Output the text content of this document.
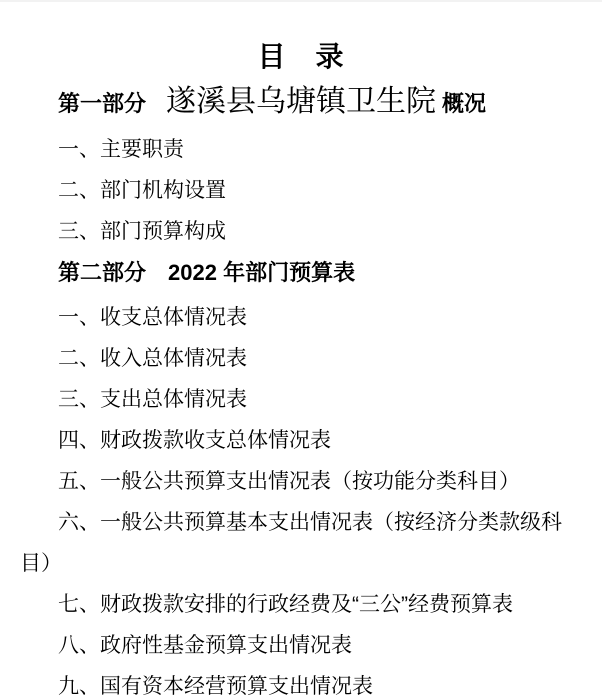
目　录

第一部分 遂溪县乌塘镇卫生院 概况

一、主要职责

二、部门机构设置

三、部门预算构成

第二部分 2022 年部门预算表

一、收支总体情况表

二、收入总体情况表

三、支出总体情况表

四、财政拨款收支总体情况表

五、一般公共预算支出情况表（按功能分类科目）

六、一般公共预算基本支出情况表（按经济分类款级科目）

七、财政拨款安排的行政经费及“三公”经费预算表

八、政府性基金预算支出情况表

九、国有资本经营预算支出情况表
